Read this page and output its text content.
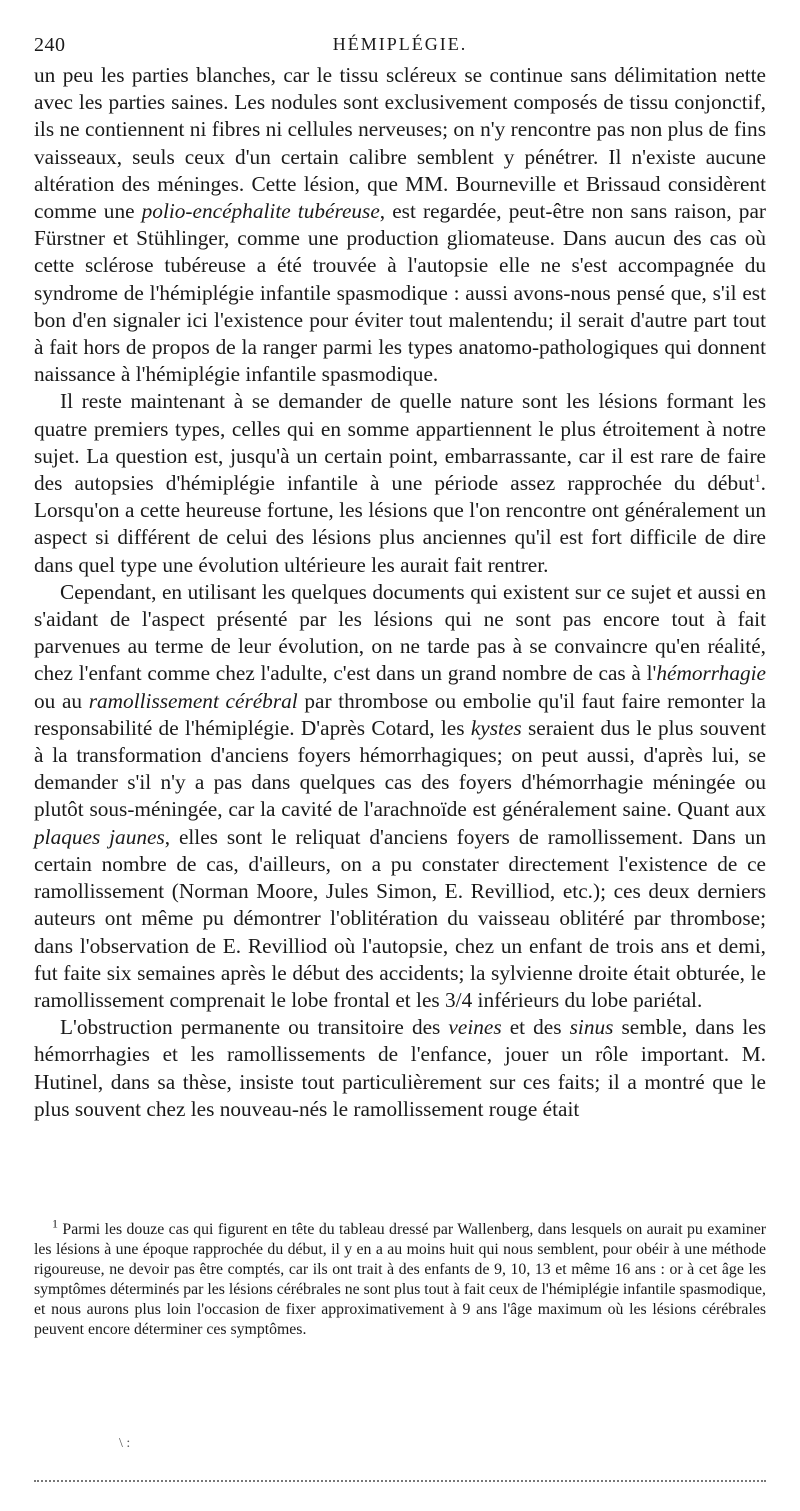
240	HÉMIPLÉGIE.

un peu les parties blanches, car le tissu scléreux se continue sans délimitation nette avec les parties saines. Les nodules sont exclusivement composés de tissu conjonctif, ils ne contiennent ni fibres ni cellules nerveuses; on n'y rencontre pas non plus de fins vaisseaux, seuls ceux d'un certain calibre semblent y pénétrer. Il n'existe aucune altération des méninges. Cette lésion, que MM. Bourneville et Brissaud considèrent comme une polio-encéphalite tubéreuse, est regardée, peut-être non sans raison, par Fürstner et Stühlinger, comme une production gliomateuse. Dans aucun des cas où cette sclérose tubéreuse a été trouvée à l'autopsie elle ne s'est accompagnée du syndrome de l'hémiplégie infantile spasmodique : aussi avons-nous pensé que, s'il est bon d'en signaler ici l'existence pour éviter tout malentendu; il serait d'autre part tout à fait hors de propos de la ranger parmi les types anatomo-pathologiques qui donnent naissance à l'hémiplégie infantile spasmodique.

Il reste maintenant à se demander de quelle nature sont les lésions formant les quatre premiers types, celles qui en somme appartiennent le plus étroitement à notre sujet. La question est, jusqu'à un certain point, embarrassante, car il est rare de faire des autopsies d'hémiplégie infantile à une période assez rapprochée du début$^1$. Lorsqu'on a cette heureuse fortune, les lésions que l'on rencontre ont généralement un aspect si différent de celui des lésions plus anciennes qu'il est fort difficile de dire dans quel type une évolution ultérieure les aurait fait rentrer.

Cependant, en utilisant les quelques documents qui existent sur ce sujet et aussi en s'aidant de l'aspect présenté par les lésions qui ne sont pas encore tout à fait parvenues au terme de leur évolution, on ne tarde pas à se convaincre qu'en réalité, chez l'enfant comme chez l'adulte, c'est dans un grand nombre de cas à l'hémorrhagie ou au ramollissement cérébral par thrombose ou embolie qu'il faut faire remonter la responsabilité de l'hémiplégie. D'après Cotard, les kystes seraient dus le plus souvent à la transformation d'anciens foyers hémorrhagiques; on peut aussi, d'après lui, se demander s'il n'y a pas dans quelques cas des foyers d'hémorrhagie méningée ou plutôt sous-méningée, car la cavité de l'arachnoïde est généralement saine. Quant aux plaques jaunes, elles sont le reliquat d'anciens foyers de ramollissement. Dans un certain nombre de cas, d'ailleurs, on a pu constater directement l'existence de ce ramollissement (Norman Moore, Jules Simon, E. Revilliod, etc.); ces deux derniers auteurs ont même pu démontrer l'oblitération du vaisseau oblitéré par thrombose; dans l'observation de E. Revilliod où l'autopsie, chez un enfant de trois ans et demi, fut faite six semaines après le début des accidents; la sylvienne droite était obturée, le ramollissement comprenait le lobe frontal et les 3/4 inférieurs du lobe pariétal.

L'obstruction permanente ou transitoire des veines et des sinus semble, dans les hémorrhagies et les ramollissements de l'enfance, jouer un rôle important. M. Hutinel, dans sa thèse, insiste tout particulièrement sur ces faits; il a montré que le plus souvent chez les nouveau-nés le ramollissement rouge était

$^1$ Parmi les douze cas qui figurent en tête du tableau dressé par Wallenberg, dans lesquels on aurait pu examiner les lésions à une époque rapprochée du début, il y en a au moins huit qui nous semblent, pour obéir à une méthode rigoureuse, ne devoir pas être comptés, car ils ont trait à des enfants de 9, 10, 13 et même 16 ans : or à cet âge les symptômes déterminés par les lésions cérébrales ne sont plus tout à fait ceux de l'hémiplégie infantile spasmodique, et nous aurons plus loin l'occasion de fixer approximativement à 9 ans l'âge maximum où les lésions cérébrales peuvent encore déterminer ces symptômes.

\ :
